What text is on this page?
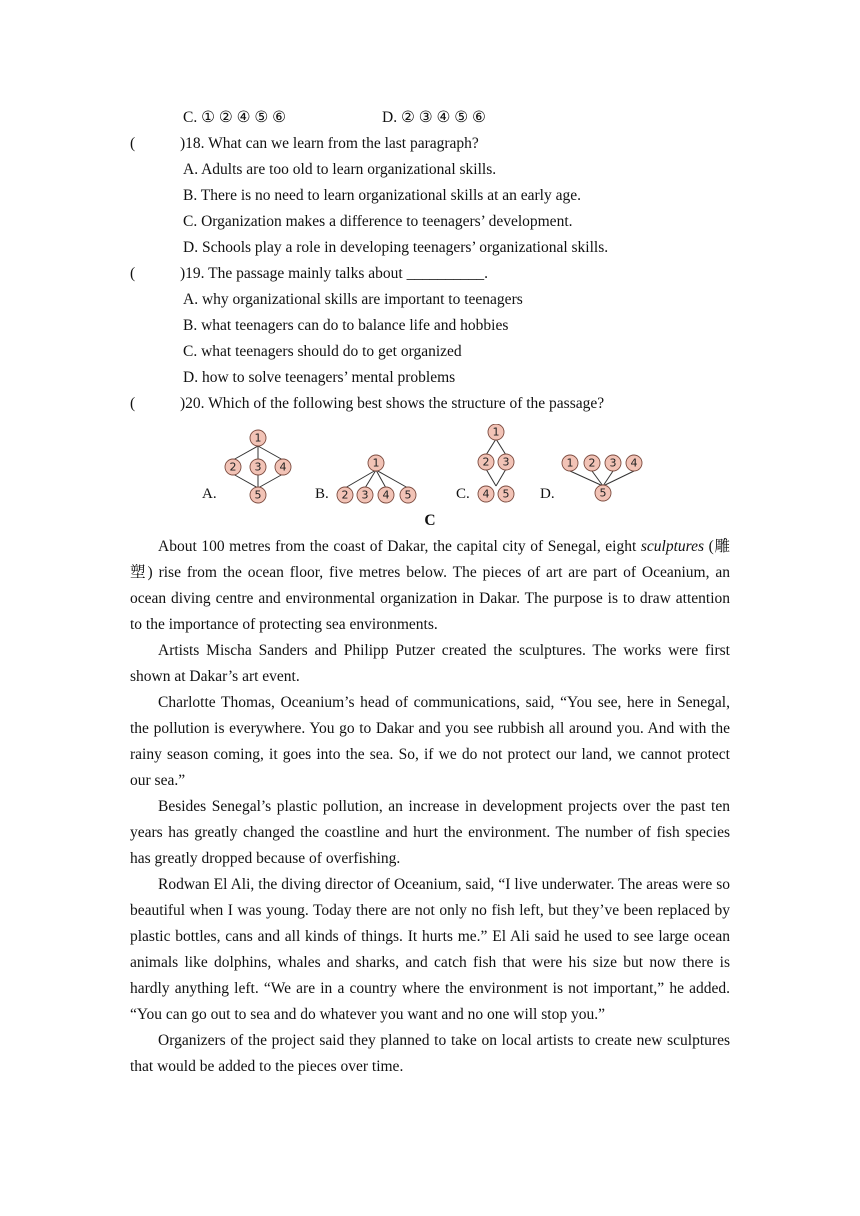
C. ① ② ④ ⑤ ⑥	D. ② ③ ④ ⑤ ⑥
(	)18. What can we learn from the last paragraph?
A. Adults are too old to learn organizational skills.
B. There is no need to learn organizational skills at an early age.
C. Organization makes a difference to teenagers’ development.
D. Schools play a role in developing teenagers’ organizational skills.
(	)19. The passage mainly talks about __________.
A. why organizational skills are important to teenagers
B. what teenagers can do to balance life and hobbies
C. what teenagers should do to get organized
D. how to solve teenagers’ mental problems
(	)20. Which of the following best shows the structure of the passage?
A.
1
2 3 4
5	B.
1
2 3 4 5	C.
1
2 3
4 5 D.
1 2 3 4
5
C

About 100 metres from the coast of Dakar, the capital city of Senegal, eight sculptures (雕塑) rise from the ocean floor, five metres below. The pieces of art are part of Oceanium, an ocean diving centre and environmental organization in Dakar. The purpose is to draw attention to the importance of protecting sea environments.

Artists Mischa Sanders and Philipp Putzer created the sculptures. The works were first shown at Dakar’s art event.

Charlotte Thomas, Oceanium’s head of communications, said, “You see, here in Senegal, the pollution is everywhere. You go to Dakar and you see rubbish all around you. And with the rainy season coming, it goes into the sea. So, if we do not protect our land, we cannot protect our sea.”

Besides Senegal’s plastic pollution, an increase in development projects over the past ten years has greatly changed the coastline and hurt the environment. The number of fish species has greatly dropped because of overfishing.

Rodwan El Ali, the diving director of Oceanium, said, “I live underwater. The areas were so beautiful when I was young. Today there are not only no fish left, but they’ve been replaced by plastic bottles, cans and all kinds of things. It hurts me.” El Ali said he used to see large ocean animals like dolphins, whales and sharks, and catch fish that were his size but now there is hardly anything left. “We are in a country where the environment is not important,” he added. “You can go out to sea and do whatever you want and no one will stop you.”

Organizers of the project said they planned to take on local artists to create new sculptures that would be added to the pieces over time.
